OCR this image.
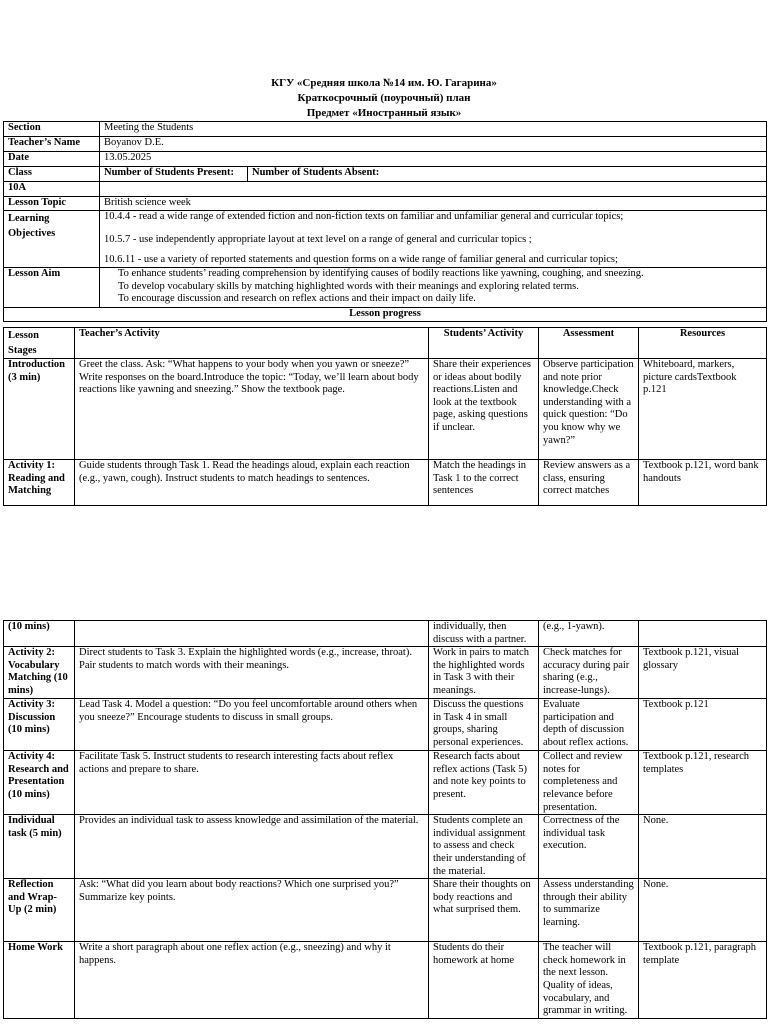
КГУ «Средняя школа №14 им. Ю. Гагарина»
Краткосрочный (поурочный) план
Предмет «Иностранный язык»
Section	Meeting the Students	
Teacher’s Name	Boyanov D.E.	
Date	13.05.2025	
Class	Number of Students Present:	Number of Students Absent:
10A		
Lesson Topic	British science week	
Learning Objectives	10.4.4 - read a wide range of extended fiction and non-fiction texts on familiar and unfamiliar general and curricular topics;

10.5.7 - use independently appropriate layout at text level on a range of general and curricular topics ;

10.6.11 - use a variety of reported statements and question forms on a wide range of familiar general and curricular topics;	

Lesson Aim	To enhance students’ reading comprehension by identifying causes of bodily reactions like yawning, coughing, and sneezing.

To develop vocabulary skills by matching highlighted words with their meanings and exploring related terms.

To encourage discussion and research on reflex actions and their impact on daily life.	

Lesson progress		
Lesson Stages	Teacher’s Activity	Students’ Activity	Assessment	Resources
Introduction (3 min)	Greet the class. Ask: “What happens to your body when you yawn or sneeze?” Write responses on the board.Introduce the topic: “Today, we’ll learn about body reactions like yawning and sneezing.” Show the textbook page.	Share their experiences or ideas about bodily reactions.Listen and look at the textbook page, asking questions if unclear.	Observe participation and note prior knowledge.Check understanding with a quick question: “Do you know why we yawn?”	Whiteboard, markers, picture cardsTextbook p.121
Activity 1: Reading and Matching	Guide students through Task 1. Read the headings aloud, explain each reaction (e.g., yawn, cough). Instruct students to match headings to sentences.	Match the headings in Task 1 to the correct sentences	Review answers as a class, ensuring correct matches	Textbook p.121, word bank handouts
(10 mins)		individually, then discuss with a partner.	(e.g., 1-yawn).	
Activity 2: Vocabulary Matching (10 mins)	Direct students to Task 3. Explain the highlighted words (e.g., increase, throat). Pair students to match words with their meanings.	Work in pairs to match the highlighted words in Task 3 with their meanings.	Check matches for accuracy during pair sharing (e.g., increase-lungs).	Textbook p.121, visual glossary
Activity 3: Discussion (10 mins)	Lead Task 4. Model a question: “Do you feel uncomfortable around others when you sneeze?” Encourage students to discuss in small groups.	Discuss the questions in Task 4 in small groups, sharing personal experiences.	Evaluate participation and depth of discussion about reflex actions.	Textbook p.121
Activity 4: Research and Presentation (10 mins)	Facilitate Task 5. Instruct students to research interesting facts about reflex actions and prepare to share.	Research facts about reflex actions (Task 5) and note key points to present.	Collect and review notes for completeness and relevance before presentation.	Textbook p.121, research templates
Individual task (5 min)	Provides an individual task to assess knowledge and assimilation of the material.	Students complete an individual assignment to assess and check their understanding of the material.	Correctness of the individual task execution.	None.
Reflection and Wrap-Up (2 min)	Ask: “What did you learn about body reactions? Which one surprised you?” Summarize key points.	Share their thoughts on body reactions and what surprised them.	Assess understanding through their ability to summarize learning.	None.
Home Work	Write a short paragraph about one reflex action (e.g., sneezing) and why it happens.	Students do their homework at home	The teacher will check homework in the next lesson. Quality of ideas, vocabulary, and grammar in writing.	Textbook p.121, paragraph template
